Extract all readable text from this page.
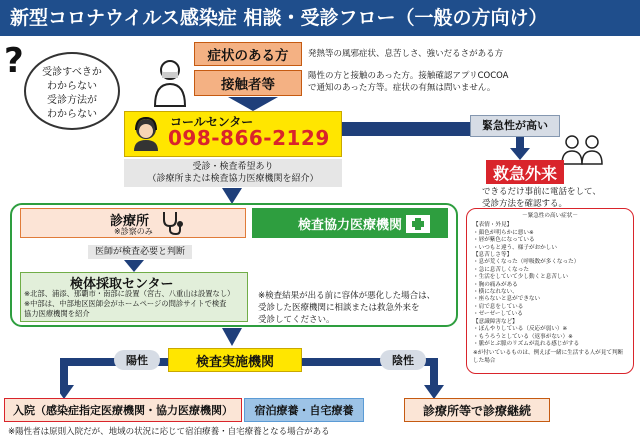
新型コロナウイルス感染症 相談・受診フロー（一般の方向け）
受診すべきか
わからない
受診方法が
わからない
?	症状のある方	発熱等の風邪症状、息苦しさ、強いだるさがある方
接触者等
陽性の方と接触のあった方。接触確認アプリCOCOA
で通知のあった方等。症状の有無は問いません。
コールセンター
098-866-2129
緊急性が高い
救急外来
できるだけ事前に電話をして、
受診方法を確認する。
受診・検査希望あり
（診療所または検査協力医療機関を紹介）
診療所
※診察のみ
医師が検査必要と判断
検査協力医療機関
検体採取センター
※北部、浦添、那覇市・南部に設置（宮古、八重山は設置なし）
※中部は、中部地区医師会がホームページの問診サイトで検査
協力医療機関を紹介
※検査結果が出る前に容体が悪化した場合は、
受診した医療機関に相談または救急外来を
受診してください。
－緊急性の高い症状－
【表情・外見】
・顔色が明らかに悪い※
・唇が紫色になっている
・いつもと違う、様子がおかしい
【息苦しさ等】
・息が荒くなった（呼吸数が多くなった）
・急に息苦しくなった
・生活をしていて少し動くと息苦しい
・胸の痛みがある
・横になれない、
・座らないと息ができない
・肩で息をしている
・ゼーゼーしている
【意識障害など】
・ぼんやりしている（反応が弱い）※
・もうろうとしている（返事がない）※
・脈がとぶ脈のリズムが乱れる感じがする
※が付いているものは、例えば一緒に生活する人が見て判断した場合
検査実施機関
陽性	陰性
入院（感染症指定医療機関・協力医療機関）	宿泊療養・自宅療養	診療所等で診療継続
※陽性者は原則入院だが、地域の状況に応じて宿泊療養・自宅療養となる場合がある
